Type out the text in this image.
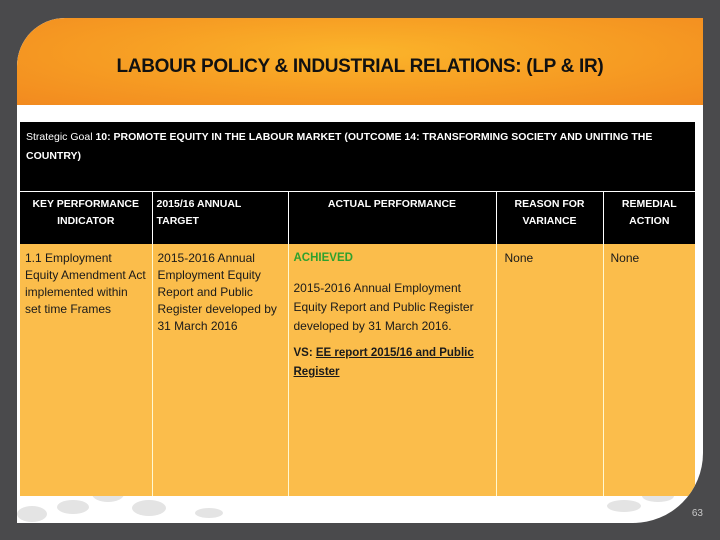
LABOUR POLICY & INDUSTRIAL RELATIONS: (LP & IR)
Strategic Goal 10: PROMOTE EQUITY IN THE LABOUR MARKET (OUTCOME 14: TRANSFORMING SOCIETY AND UNITING THE COUNTRY)				
KEY PERFORMANCE INDICATOR	2015/16 ANNUAL TARGET	ACTUAL PERFORMANCE	REASON FOR VARIANCE	REMEDIAL ACTION
1.1 Employment Equity Amendment Act implemented within set time Frames	2015-2016 Annual Employment Equity Report and Public Register developed by 31 March 2016	ACHIEVED
2015-2016 Annual Employment Equity Report and Public Register developed by 31 March 2016.
VS: EE report 2015/16 and Public Register	None	None
63
